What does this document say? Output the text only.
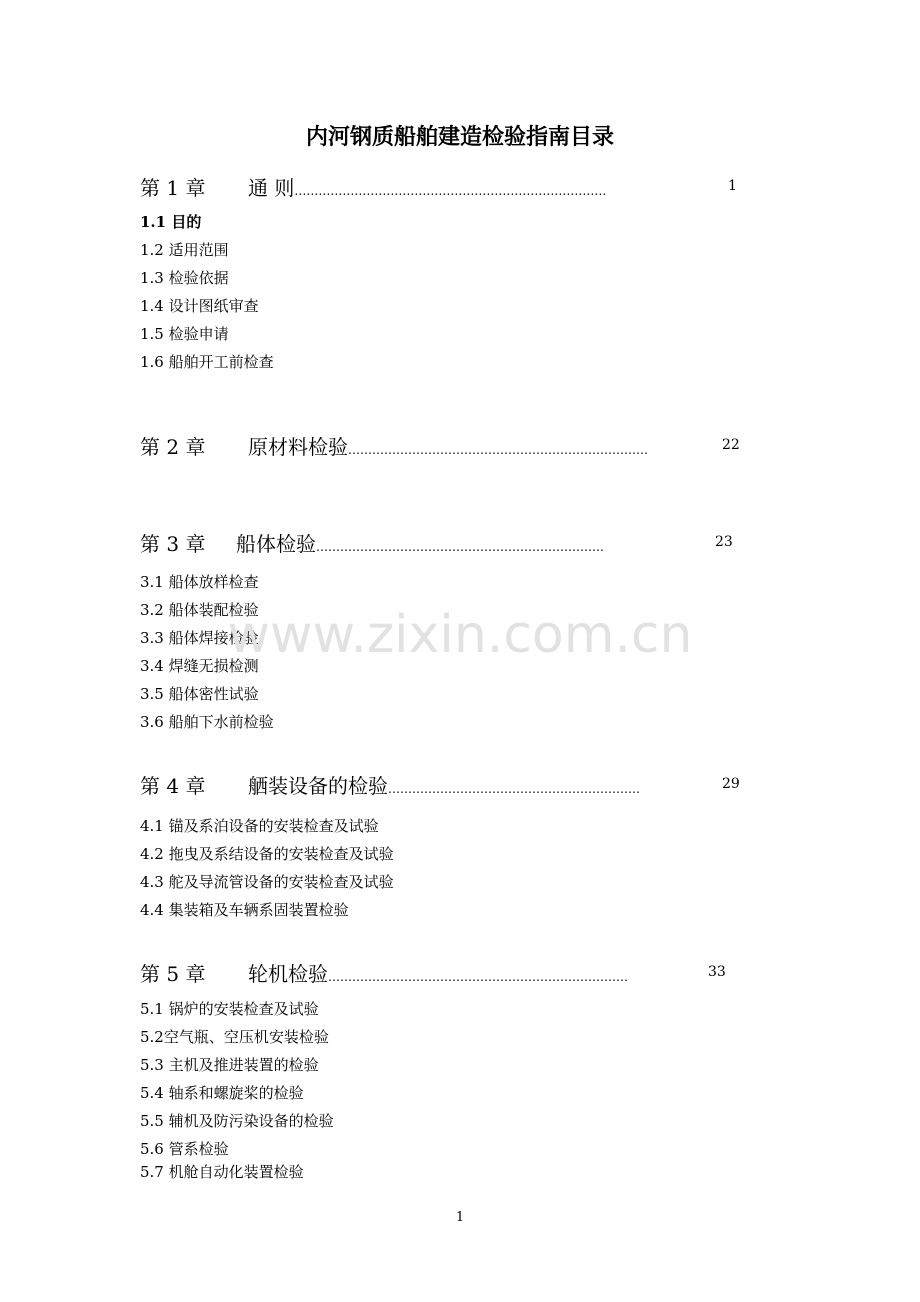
内河钢质船舶建造检验指南目录
第 1 章 通 则……………………………………………………………………	1
1.1 目的
1.2 适用范围
1.3 检验依据
1.4 设计图纸审查
1.5 检验申请
1.6 船舶开工前检查
第 2 章 原材料检验…………………………………………………………………	22
第 3 章 船体检验………………………………………………………………	23
3.1 船体放样检查
3.2 船体装配检验
3.3 船体焊接检验
3.4 焊缝无损检测
3.5 船体密性试验
3.6 船舶下水前检验
第 4 章 舾装设备的检验………………………………………………………	29
4.1 锚及系泊设备的安装检查及试验
4.2 拖曳及系结设备的安装检查及试验
4.3 舵及导流管设备的安装检查及试验
4.4 集装箱及车辆系固装置检验
第 5 章 轮机检验…………………………………………………………………	33
5.1 锅炉的安装检查及试验
5.2空气瓶、空压机安装检验
5.3 主机及推进装置的检验
5.4 轴系和螺旋桨的检验
5.5 辅机及防污染设备的检验
5.6 管系检验
5.7 机舱自动化装置检验
www.zixin.com.cn
1
